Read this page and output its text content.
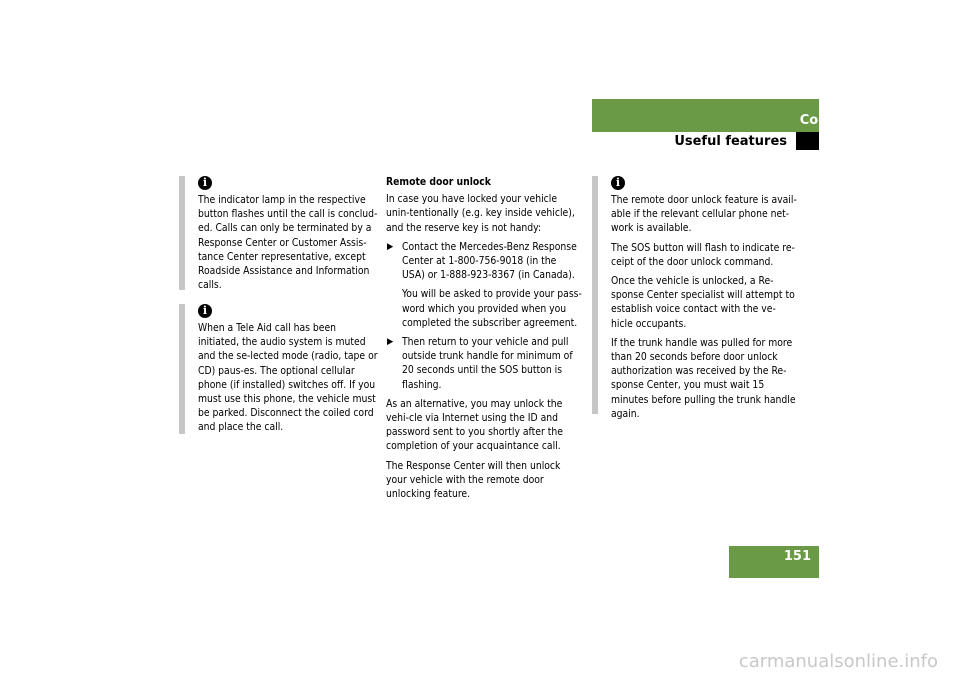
Controls in detail
Useful features
i

The indicator lamp in the respective button flashes until the call is conclud-ed. Calls can only be terminated by a Response Center or Customer Assis-tance Center representative, except Roadside Assistance and Information calls.

i

When a Tele Aid call has been initiated, the audio system is muted and the se-lected mode (radio, tape or CD) paus-es. The optional cellular phone (if installed) switches off. If you must use this phone, the vehicle must be parked. Disconnect the coiled cord and place the call.

Remote door unlock

In case you have locked your vehicle unin-tentionally (e.g. key inside vehicle), and the reserve key is not handy:

▶ Contact the Mercedes-Benz Response Center at 1-800-756-9018 (in the USA) or 1-888-923-8367 (in Canada).

You will be asked to provide your pass-word which you provided when you completed the subscriber agreement.

▶ Then return to your vehicle and pull outside trunk handle for minimum of 20 seconds until the SOS button is flashing.

As an alternative, you may unlock the vehi-cle via Internet using the ID and password sent to you shortly after the completion of your acquaintance call.

The Response Center will then unlock your vehicle with the remote door unlocking feature.

i

The remote door unlock feature is avail-able if the relevant cellular phone net-work is available.

The SOS button will flash to indicate re-ceipt of the door unlock command.

Once the vehicle is unlocked, a Re-sponse Center specialist will attempt to establish voice contact with the ve-hicle occupants.

If the trunk handle was pulled for more than 20 seconds before door unlock authorization was received by the Re-sponse Center, you must wait 15 minutes before pulling the trunk handle again.

151
carmanualsonline.info
